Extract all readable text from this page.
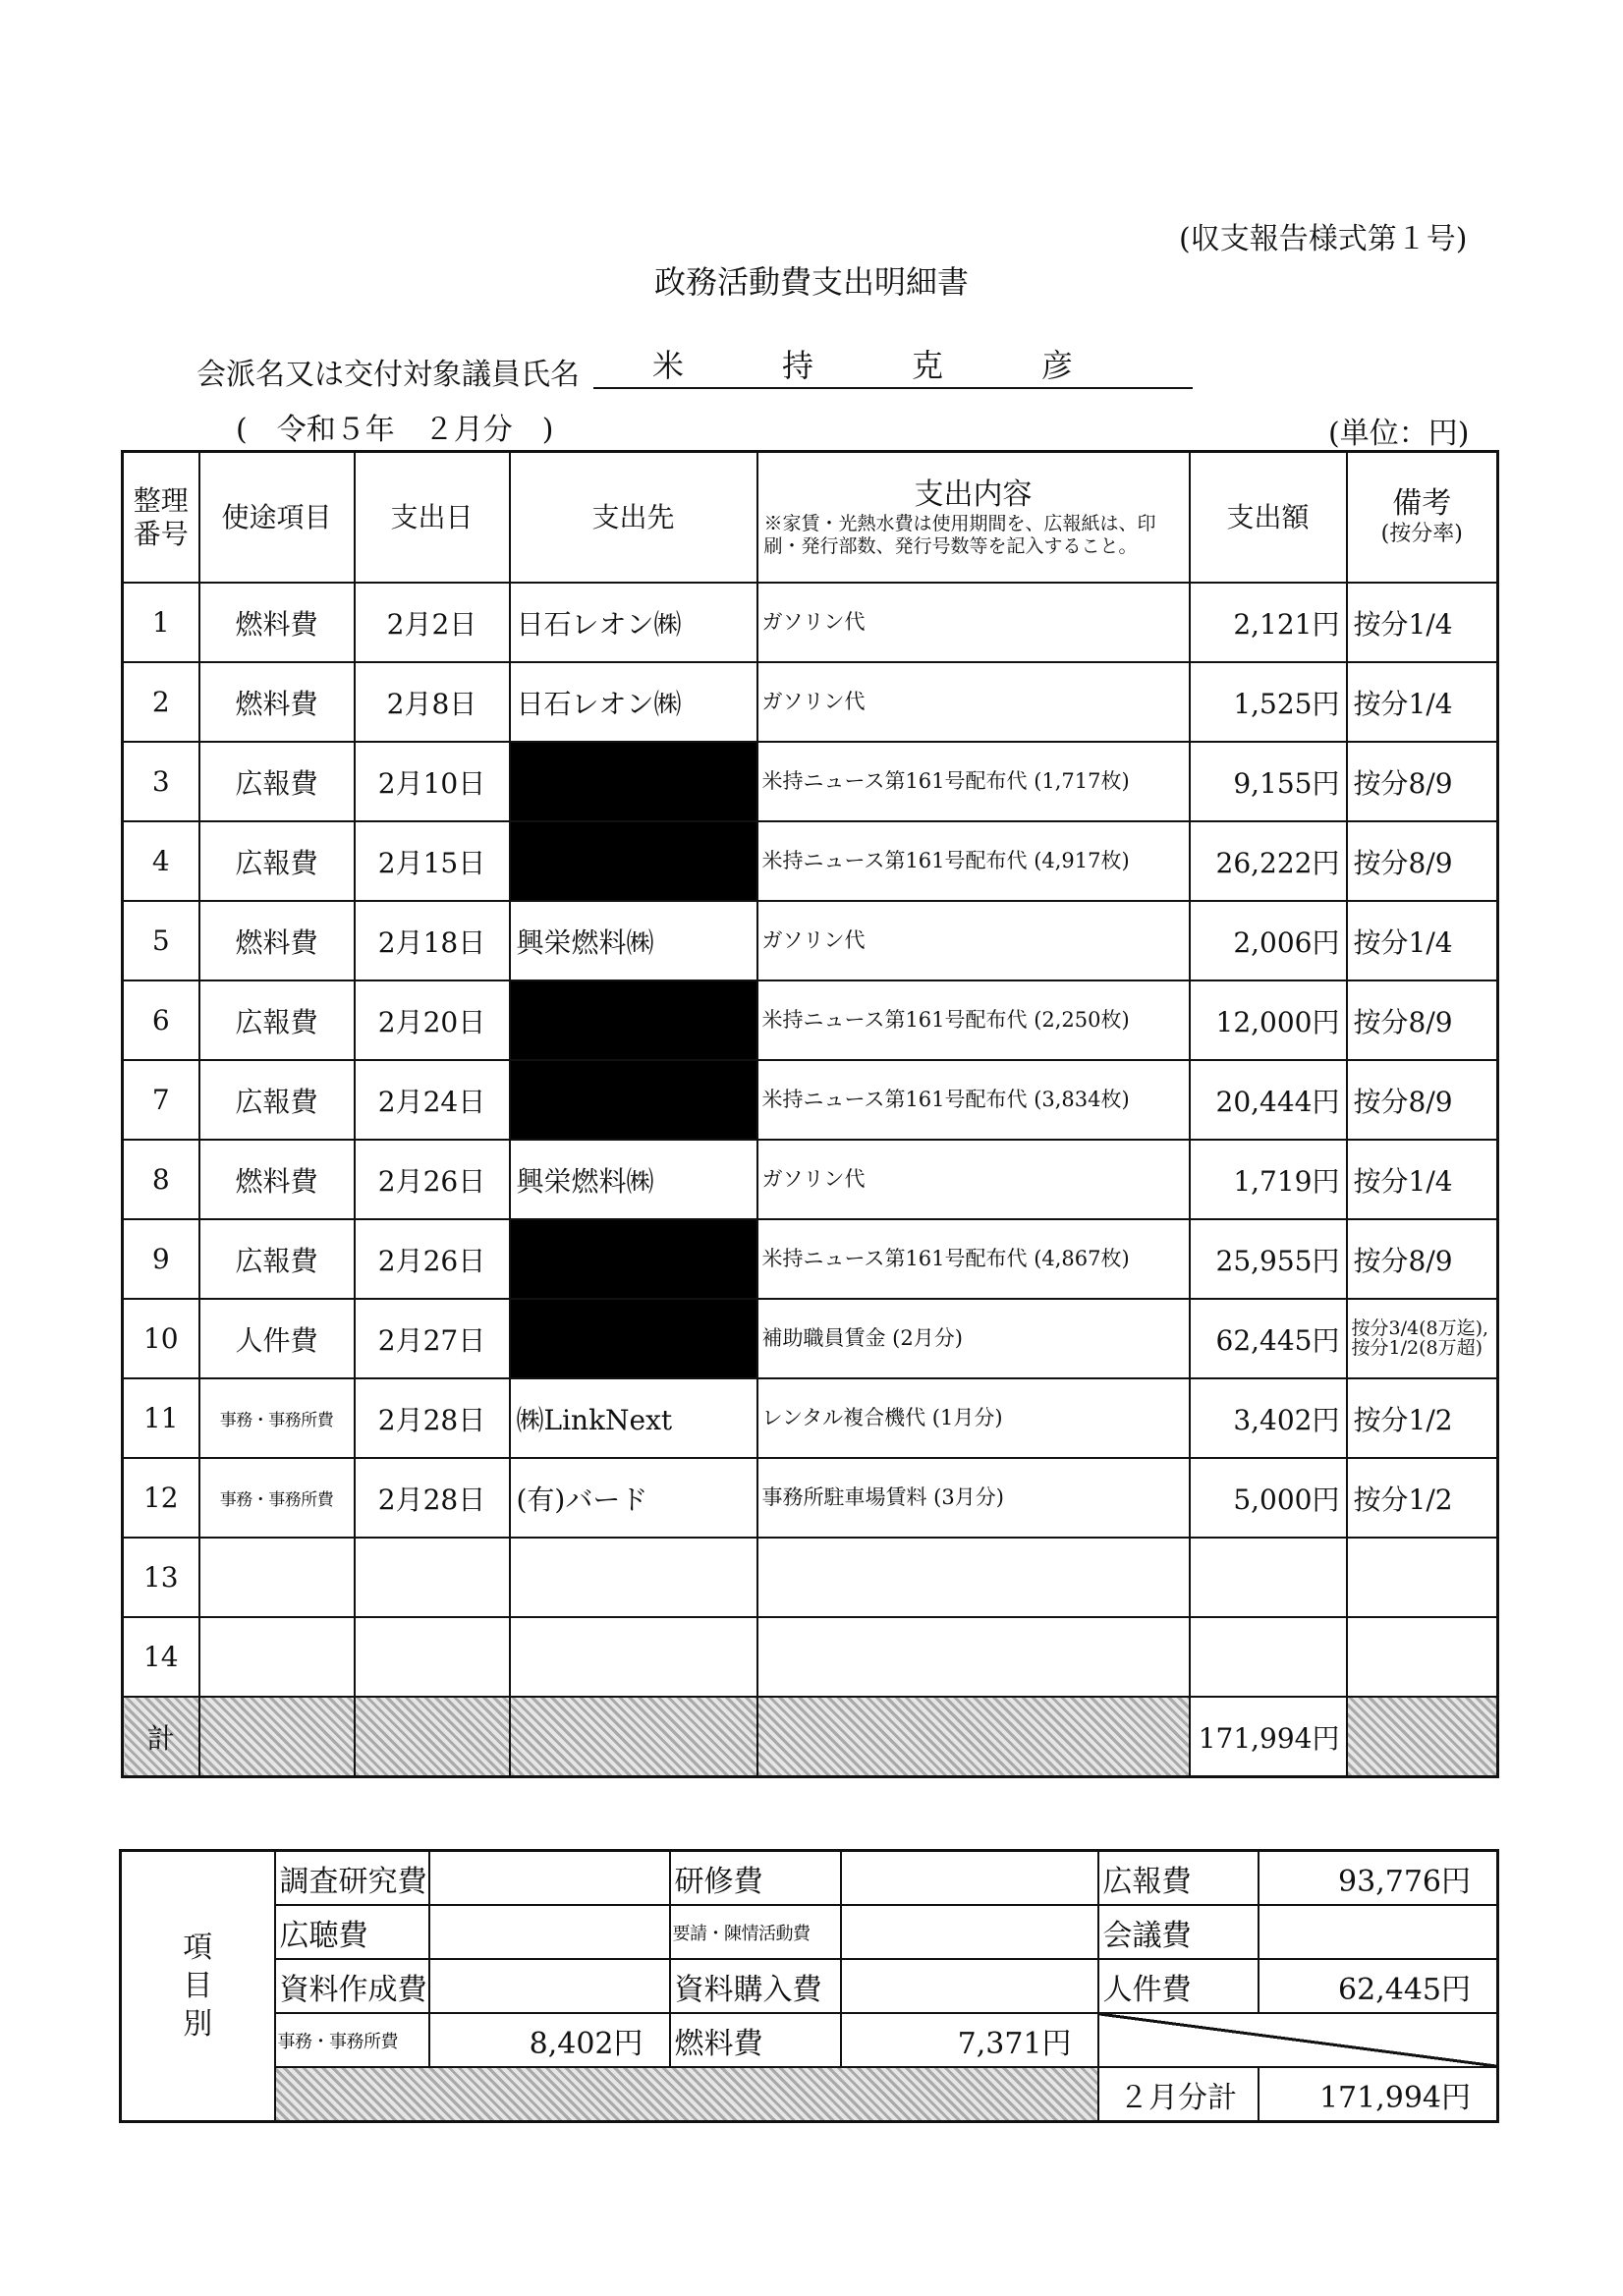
(収支報告様式第１号)
政務活動費支出明細書
会派名又は交付対象議員氏名	米持克彦
(　令和５年　２月分　)	(単位：円)
整理番号	使途項目	支出日	支出先	支出内容
※家賃・光熱水費は使用期間を、広報紙は、印刷・発行部数、発行号数等を記入すること。	支出額	備考
(按分率)

1	燃料費	2月2日	日石レオン㈱	ガソリン代	2,121円	按分1/4
2	燃料費	2月8日	日石レオン㈱	ガソリン代	1,525円	按分1/4
3	広報費	2月10日		米持ニュース第161号配布代 (1,717枚)	9,155円	按分8/9
4	広報費	2月15日		米持ニュース第161号配布代 (4,917枚)	26,222円	按分8/9
5	燃料費	2月18日	興栄燃料㈱	ガソリン代	2,006円	按分1/4
6	広報費	2月20日		米持ニュース第161号配布代 (2,250枚)	12,000円	按分8/9
7	広報費	2月24日		米持ニュース第161号配布代 (3,834枚)	20,444円	按分8/9
8	燃料費	2月26日	興栄燃料㈱	ガソリン代	1,719円	按分1/4
9	広報費	2月26日		米持ニュース第161号配布代 (4,867枚)	25,955円	按分8/9
10	人件費	2月27日		補助職員賃金 (2月分)	62,445円	按分3/4(8万迄), 按分1/2(8万超)
11	事務・事務所費	2月28日	㈱LinkNext	レンタル複合機代 (1月分)	3,402円	按分1/2
12	事務・事務所費	2月28日	(有)バード	事務所駐車場賃料 (3月分)	5,000円	按分1/2
13						
14						
計					171,994円	
項
目
別	調査研究費		研修費		広報費	93,776円
	広聴費		要請・陳情活動費		会議費	
	資料作成費		資料購入費		人件費	62,445円
	事務・事務所費	8,402円	燃料費	7,371円		
					２月分計	171,994円
